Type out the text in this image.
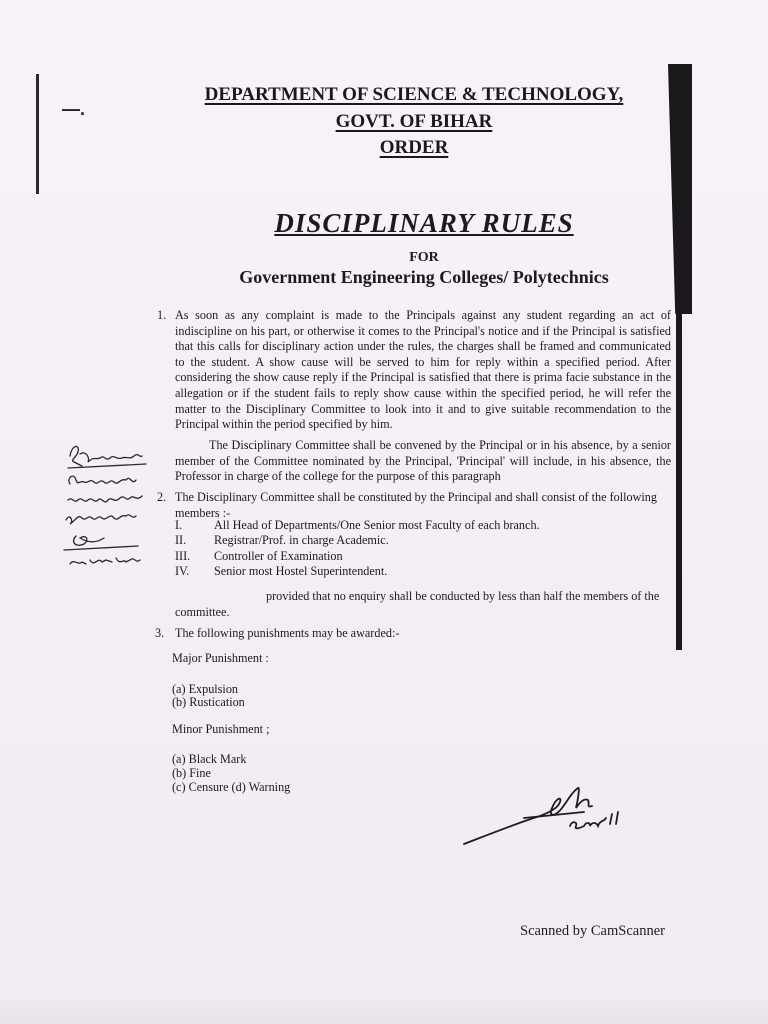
—.
DEPARTMENT OF SCIENCE & TECHNOLOGY,
GOVT. OF BIHAR
ORDER
DISCIPLINARY RULES
FOR
Government Engineering Colleges/ Polytechnics
1. As soon as any complaint is made to the Principals against any student regarding an act of indiscipline on his part, or otherwise it comes to the Principal's notice and if the Principal is satisfied that this calls for disciplinary action under the rules, the charges shall be framed and communicated to the student. A show cause will be served to him for reply within a specified period. After considering the show cause reply if the Principal is satisfied that there is prima facie substance in the allegation or if the student fails to reply show cause within the specified period, he will refer the matter to the Disciplinary Committee to look into it and to give suitable recommendation to the Principal within the period specified by him.
The Disciplinary Committee shall be convened by the Principal or in his absence, by a senior member of the Committee nominated by the Principal, 'Principal' will include, in his absence, the Professor in charge of the college for the purpose of this paragraph
2. The Disciplinary Committee shall be constituted by the Principal and shall consist of the following members :-
I.	All Head of Departments/One Senior most Faculty of each branch.
II.	Registrar/Prof. in charge Academic.
III.	Controller of Examination
IV.	Senior most Hostel Superintendent.
provided that no enquiry shall be conducted by less than half the members of the committee.
3. The following punishments may be awarded:-
Major Punishment :
(a) Expulsion
(b) Rustication
Minor Punishment ;
(a) Black Mark
(b) Fine
(c) Censure (d) Warning
Scanned by CamScanner
